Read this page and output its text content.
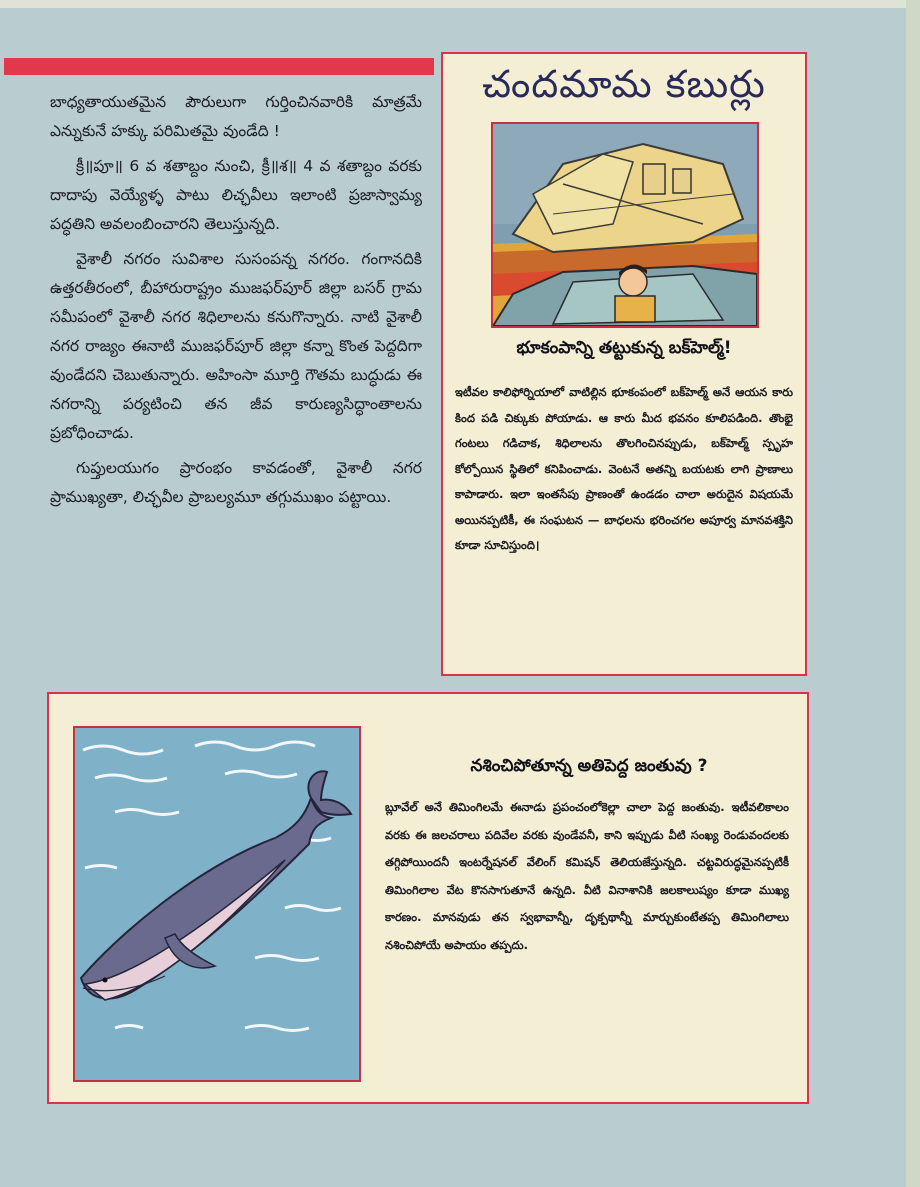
బాధ్యతాయుతమైన పౌరులుగా గుర్తించినవారికి మాత్రమే ఎన్నుకునే హక్కు పరిమితమై వుండేది !

క్రీ॥పూ॥ 6 వ శతాబ్దం నుంచి, క్రీ॥శ॥ 4 వ శతాబ్దం వరకు దాదాపు వెయ్యేళ్ళ పాటు లిచ్ఛవీలు ఇలాంటి ప్రజాస్వామ్య పద్ధతిని అవలంబించారని తెలుస్తున్నది.

వైశాలీ నగరం సువిశాల సుసంపన్న నగరం. గంగానదికి ఉత్తరతీరంలో, బీహారురాష్ట్రం ముజఫర్‌పూర్ జిల్లా బసర్ గ్రామ సమీపంలో వైశాలీ నగర శిధిలాలను కనుగొన్నారు. నాటి వైశాలీ నగర రాజ్యం ఈనాటి ముజఫర్‌పూర్ జిల్లా కన్నా కొంత పెద్దదిగా వుండేదని చెబుతున్నారు. అహింసా మూర్తి గౌతమ బుద్ధుడు ఈ నగరాన్ని పర్యటించి తన జీవ కారుణ్యసిద్ధాంతాలను ప్రబోధించాడు.

గుప్తులయుగం ప్రారంభం కావడంతో, వైశాలీ నగర ప్రాముఖ్యతా, లిచ్ఛవీల ప్రాబల్యమూ తగ్గుముఖం పట్టాయి.

చందమామ కబుర్లు
భూకంపాన్ని తట్టుకున్న బక్‌హెల్మ్!
ఇటీవల కాలిఫోర్నియాలో వాటిల్లిన భూకంపంలో బక్‌హెల్మ్ అనే ఆయన కారు కింద పడి చిక్కుకు పోయాడు. ఆ కారు మీద భవనం కూలిపడింది. తొంభై గంటలు గడిచాక, శిధిలాలను తొలగించినప్పుడు, బక్‌హెల్మ్ స్పృహ కోల్పోయిన స్థితిలో కనిపించాడు. వెంటనే అతన్ని బయటకు లాగి ప్రాణాలు కాపాడారు. ఇలా ఇంతసేపు ప్రాణంతో ఉండడం చాలా అరుదైన విషయమే అయినప్పటికీ, ఈ సంఘటన — బాధలను భరించగల అపూర్వ మానవశక్తిని కూడా సూచిస్తుంది।
నశించిపోతూన్న అతిపెద్ద జంతువు ?
బ్లూవేల్ అనే తిమింగిలమే ఈనాడు ప్రపంచంలోకెల్లా చాలా పెద్ద జంతువు. ఇటీవలికాలం వరకు ఈ జలచరాలు పదివేల వరకు వుండేవనీ, కాని ఇప్పుడు వీటి సంఖ్య రెండువందలకు తగ్గిపోయిందనీ ఇంటర్నేషనల్ వేలింగ్ కమిషన్ తెలియజేస్తున్నది. చట్టవిరుద్ధమైనప్పటికీ తిమింగిలాల వేట కొనసాగుతూనే ఉన్నది. వీటి వినాశానికి జలకాలుష్యం కూడా ముఖ్య కారణం. మానవుడు తన స్వభావాన్నీ, దృక్పథాన్నీ మార్చుకుంటేతప్ప తిమింగిలాలు నశించిపోయే అపాయం తప్పదు.
